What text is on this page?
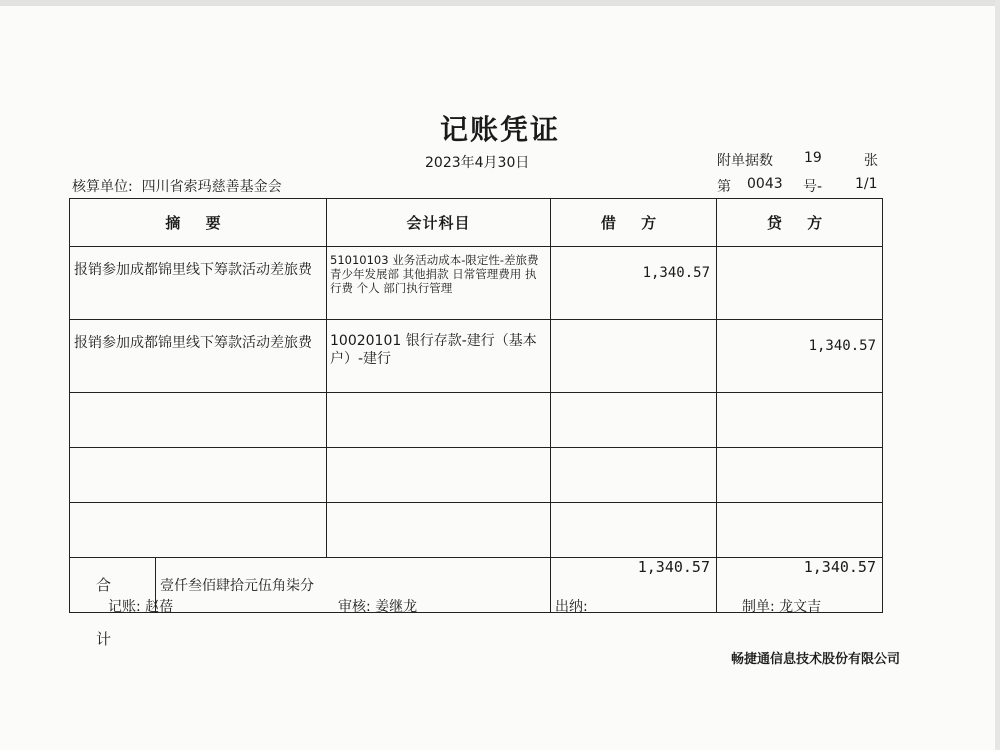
记账凭证
2023年4月30日	附单据数 19	张
核算单位: 四川省索玛慈善基金会	第 0043 号- 1/1
摘 要	会计科目	借 方	贷 方
报销参加成都锦里线下筹款活动差旅费	51010103 业务活动成本-限定性-差旅费 青少年发展部 其他捐款 日常管理费用 执行费 个人 部门执行管理	1,340.57	
报销参加成都锦里线下筹款活动差旅费	10020101 银行存款-建行（基本户）-建行		1,340.57

合 计
壹仟叁佰肆拾元伍角柒分		1,340.57	1,340.57
记账: 赵蓓	审核: 姜继龙	出纳:	制单: 龙文吉
畅捷通信息技术股份有限公司
